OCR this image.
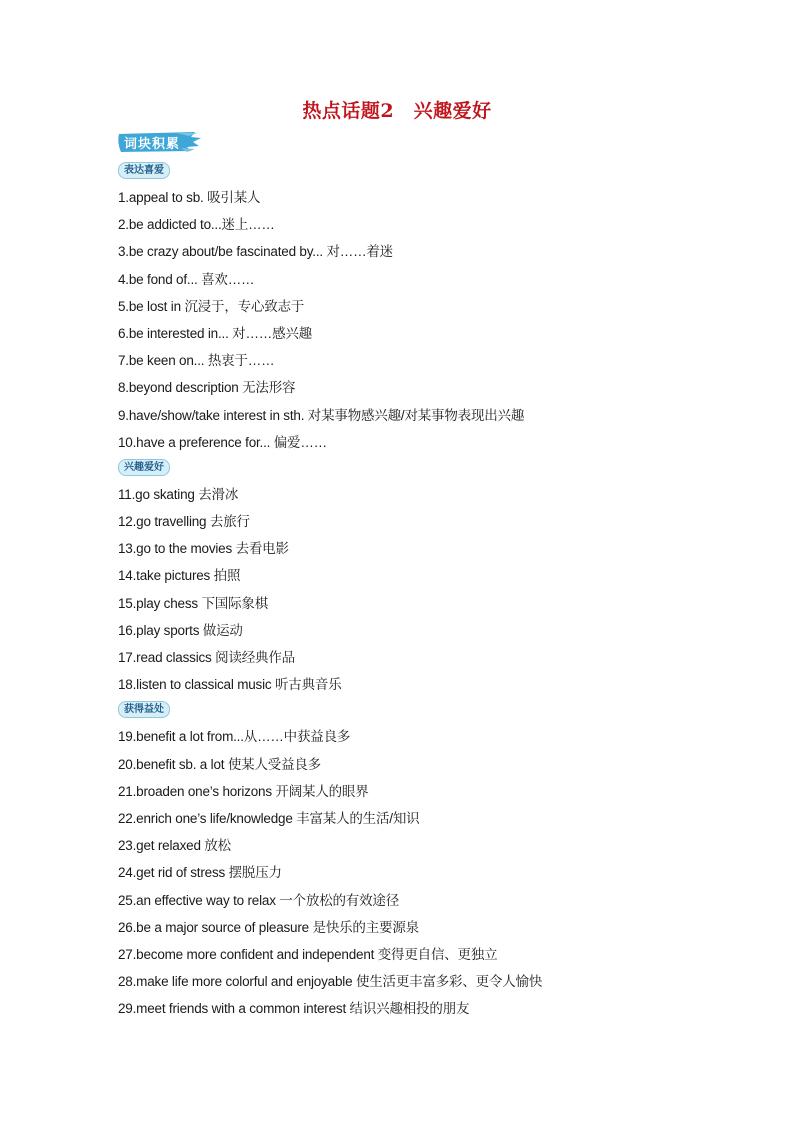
热点话题2　兴趣爱好
词块积累
表达喜爱
1.appeal to sb. 吸引某人
2.be addicted to...迷上……
3.be crazy about/be fascinated by... 对……着迷
4.be fond of... 喜欢……
5.be lost in 沉浸于，专心致志于
6.be interested in... 对……感兴趣
7.be keen on... 热衷于……
8.beyond description 无法形容
9.have/show/take interest in sth. 对某事物感兴趣/对某事物表现出兴趣
10.have a preference for... 偏爱……
兴趣爱好
11.go skating 去滑冰
12.go travelling 去旅行
13.go to the movies 去看电影
14.take pictures 拍照
15.play chess 下国际象棋
16.play sports 做运动
17.read classics 阅读经典作品
18.listen to classical music 听古典音乐
获得益处
19.benefit a lot from...从……中获益良多
20.benefit sb. a lot 使某人受益良多
21.broaden one’s horizons 开阔某人的眼界
22.enrich one’s life/knowledge 丰富某人的生活/知识
23.get relaxed 放松
24.get rid of stress 摆脱压力
25.an effective way to relax 一个放松的有效途径
26.be a major source of pleasure 是快乐的主要源泉
27.become more confident and independent 变得更自信、更独立
28.make life more colorful and enjoyable 使生活更丰富多彩、更令人愉快
29.meet friends with a common interest 结识兴趣相投的朋友
